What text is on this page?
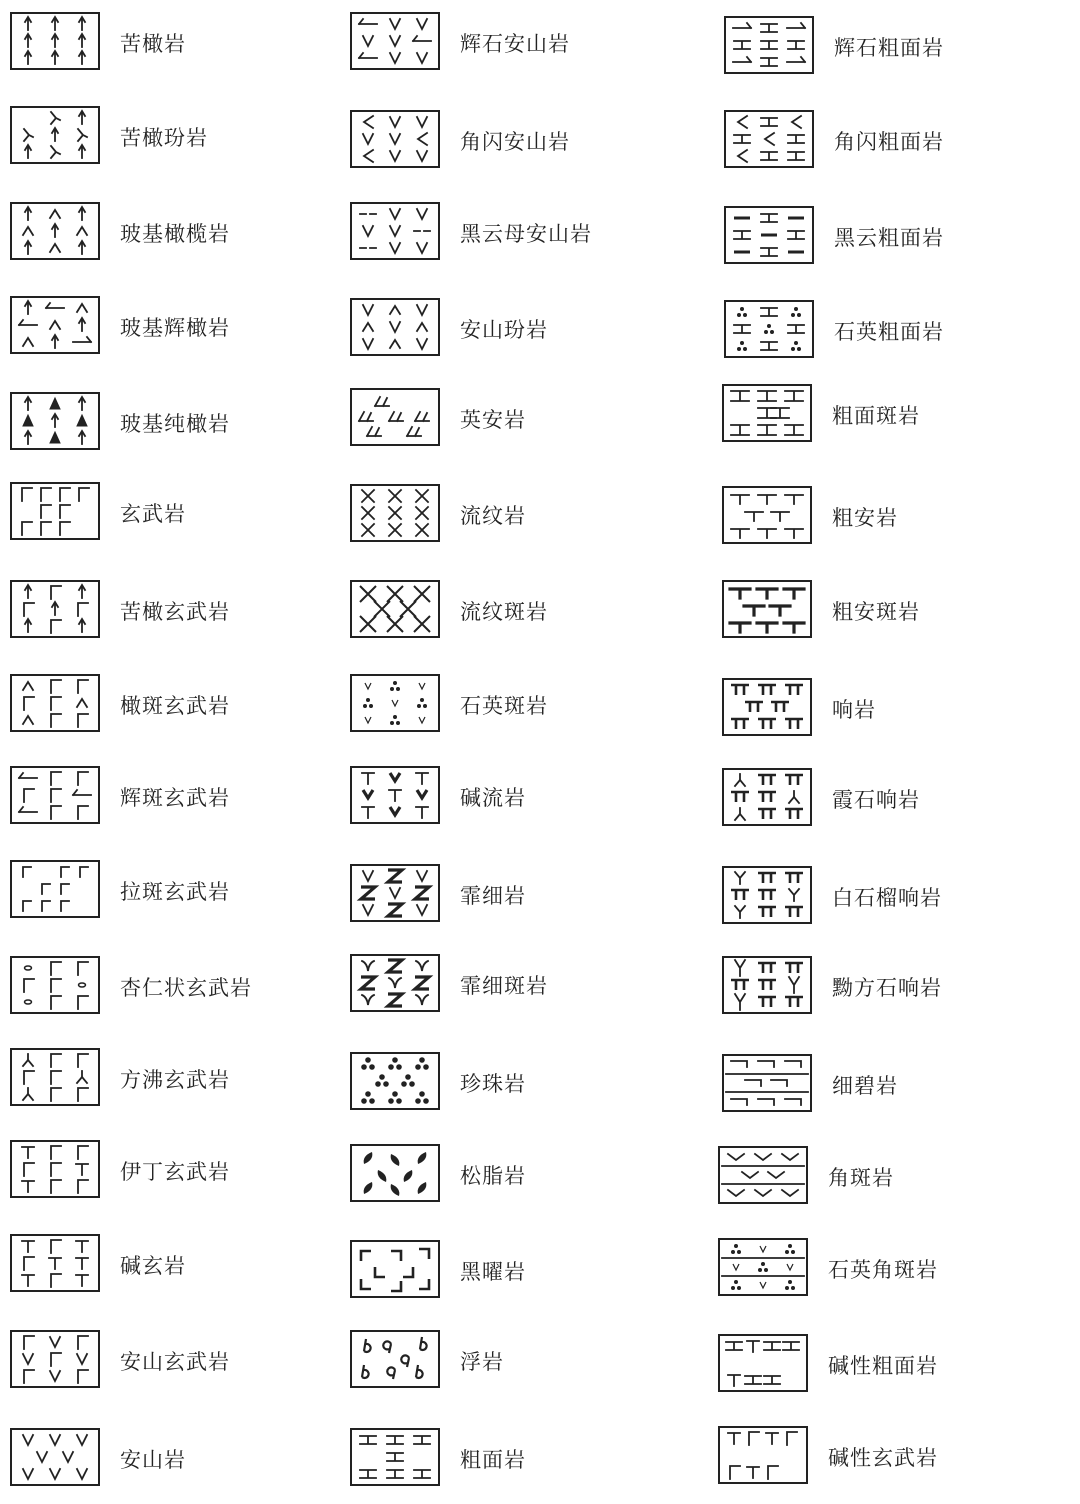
苦橄岩
苦橄玢岩
玻基橄榄岩
玻基辉橄岩
玻基纯橄岩
玄武岩
苦橄玄武岩
橄斑玄武岩
辉斑玄武岩
拉斑玄武岩
杏仁状玄武岩
方沸玄武岩
伊丁玄武岩
碱玄岩
安山玄武岩
安山岩
辉石安山岩
角闪安山岩
黑云母安山岩
安山玢岩
英安岩
流纹岩
流纹斑岩
石英斑岩
碱流岩
霏细岩
霏细斑岩
珍珠岩
松脂岩
黑曜岩
浮岩
粗面岩
辉石粗面岩
角闪粗面岩
黑云粗面岩
石英粗面岩
粗面斑岩
粗安岩
粗安斑岩
响岩
霞石响岩
白石榴响岩
黝方石响岩
细碧岩
角斑岩
石英角斑岩
碱性粗面岩
碱性玄武岩
